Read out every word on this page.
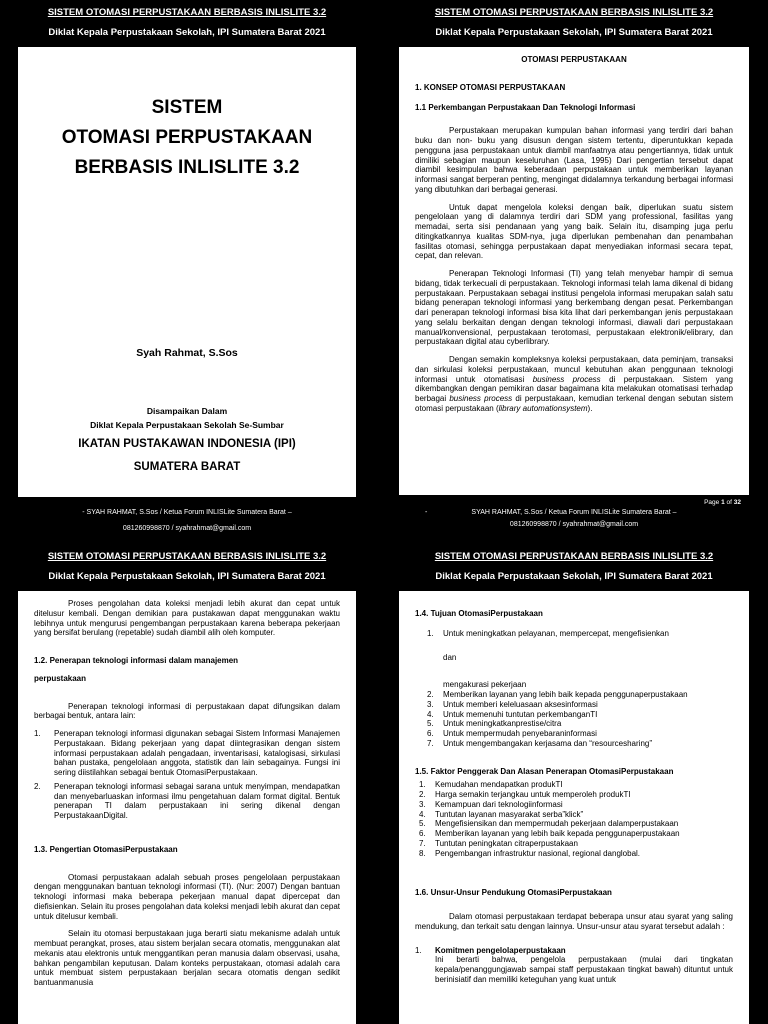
SISTEM OTOMASI PERPUSTAKAAN BERBASIS INLISLITE 3.2
Diklat Kepala Perpustakaan Sekolah, IPI Sumatera Barat 2021
SISTEM
OTOMASI PERPUSTAKAAN
BERBASIS INLISLITE 3.2
Syah Rahmat, S.Sos
Disampaikan Dalam
Diklat Kepala Perpustakaan Sekolah Se-Sumbar
IKATAN PUSTAKAWAN INDONESIA (IPI)
SUMATERA BARAT
- SYAH RAHMAT, S.Sos / Ketua Forum INLISLite Sumatera Barat –
081260998870 / syahrahmat@gmail.com
SISTEM OTOMASI PERPUSTAKAAN BERBASIS INLISLITE 3.2
Diklat Kepala Perpustakaan Sekolah, IPI Sumatera Barat 2021
OTOMASI PERPUSTAKAAN
1. KONSEP OTOMASI PERPUSTAKAAN
1.1 Perkembangan Perpustakaan Dan Teknologi Informasi

Perpustakaan merupakan kumpulan bahan informasi yang terdiri dari bahan buku dan non- buku yang disusun dengan sistem tertentu, diperuntukkan kepada pengguna jasa perpustakaan untuk diambil manfaatnya atau pengertiannya, tidak untuk dimiliki sebagian maupun keseluruhan (Lasa, 1995) Dari pengertian tersebut dapat diambil kesimpulan bahwa keberadaan perpustakaan untuk memberikan layanan informasi sangat berperan penting, mengingat didalamnya terkandung berbagai informasi yang dibutuhkan dari berbagai generasi.

Untuk dapat mengelola koleksi dengan baik, diperlukan suatu sistem pengelolaan yang di dalamnya terdiri dari SDM yang professional, fasilitas yang memadai, serta sisi pendanaan yang yang baik. Selain itu, disamping juga perlu ditingkatkannya kualitas SDM-nya, juga diperlukan pembenahan dan penambahan fasilitas otomasi, sehingga perpustakaan dapat menyediakan informasi secara tepat, cepat, dan relevan.

Penerapan Teknologi Informasi (TI) yang telah menyebar hampir di semua bidang, tidak terkecuali di perpustakaan. Teknologi informasi telah lama dikenal di bidang perpustakaan. Perpustakaan sebagai institusi pengelola informasi merupakan salah satu bidang penerapan teknologi informasi yang berkembang dengan pesat. Perkembangan dari penerapan teknologi informasi bisa kita lihat dari perkembangan jenis perpustakaan yang selalu berkaitan dengan dengan teknologi informasi, diawali dari perpustakaan manual/konvensional, perpustakaan terotomasi, perpustakaan elektronik/elibrary, dan perpustakaan digital atau cyberlibrary.

Dengan semakin kompleksnya koleksi perpustakaan, data peminjam, transaksi dan sirkulasi koleksi perpustakaan, muncul kebutuhan akan penggunaan teknologi informasi untuk otomatisasi business process di perpustakaan. Sistem yang dikembangkan dengan pemikiran dasar bagaimana kita melakukan otomatisasi terhadap berbagai business process di perpustakaan, kemudian terkenal dengan sebutan sistem otomasi perpustakaan (library automationsystem).

Page 1 of 32
-	SYAH RAHMAT, S.Sos / Ketua Forum INLISLite Sumatera Barat –
081260998870 / syahrahmat@gmail.com
SISTEM OTOMASI PERPUSTAKAAN BERBASIS INLISLITE 3.2
Diklat Kepala Perpustakaan Sekolah, IPI Sumatera Barat 2021

Proses pengolahan data koleksi menjadi lebih akurat dan cepat untuk ditelusur kembali. Dengan demikian para pustakawan dapat menggunakan waktu lebihnya untuk mengurusi pengembangan perpustakaan karena beberapa pekerjaan yang bersifat berulang (repetable) sudah diambil alih oleh komputer.

1.2. Penerapan teknologi informasi dalam manajemen
perpustakaan

Penerapan teknologi informasi di perpustakaan dapat difungsikan dalam berbagai bentuk, antara lain:

1. Penerapan teknologi informasi digunakan sebagai Sistem Informasi Manajemen Perpustakaan. Bidang pekerjaan yang dapat diintegrasikan dengan sistem informasi perpustakaan adalah pengadaan, inventarisasi, katalogisasi, sirkulasi bahan pustaka, pengelolaan anggota, statistik dan lain sebagainya. Fungsi ini sering diistilahkan sebagai bentuk OtomasiPerpustakaan.
2. Penerapan teknologi informasi sebagai sarana untuk menyimpan, mendapatkan dan menyebarluaskan informasi ilmu pengetahuan dalam format digital. Bentuk penerapan TI dalam perpustakaan ini sering dikenal dengan PerpustakaanDigital.
1.3. Pengertian OtomasiPerpustakaan

Otomasi perpustakaan adalah sebuah proses pengelolaan perpustakaan dengan menggunakan bantuan teknologi informasi (TI). (Nur: 2007) Dengan bantuan teknologi informasi maka beberapa pekerjaan manual dapat dipercepat dan diefisienkan. Selain itu proses pengolahan data koleksi menjadi lebih akurat dan cepat untuk ditelusur kembali.

Selain itu otomasi berpustakaan juga berarti siatu mekanisme adalah untuk membuat perangkat, proses, atau sistem berjalan secara otomatis, menggunakan alat mekanis atau elektronis untuk menggantikan peran manusia dalam observasi, usaha, bahkan pengambilan keputusan. Dalam konteks perpustakaan, otomasi adalah cara untuk membuat sistem perpustakaan berjalan secara otomatis dengan sedikit bantuanmanusia

SISTEM OTOMASI PERPUSTAKAAN BERBASIS INLISLITE 3.2
Diklat Kepala Perpustakaan Sekolah, IPI Sumatera Barat 2021
1.4. Tujuan OtomasiPerpustakaan
1. Untuk meningkatkan pelayanan, mempercepat, mengefisienkan
dan
mengakurasi pekerjaan
2. Memberikan layanan yang lebih baik kepada penggunaperpustakaan
3. Untuk memberi keleluasaan aksesinformasi
4. Untuk memenuhi tuntutan perkembanganTI
5. Untuk meningkatkanprestise/citra
6. Untuk mempermudah penyebaraninformasi
7. Untuk mengembangakan kerjasama dan “resourcesharing”
1.5. Faktor Penggerak Dan Alasan Penerapan OtomasiPerpustakaan
1. Kemudahan mendapatkan produkTI
2. Harga semakin terjangkau untuk memperoleh produkTI
3. Kemampuan dari teknologiinformasi
4. Tuntutan layanan masyarakat serba”klick”
5. Mengefisiensikan dan mempermudah pekerjaan dalamperpustakaan
6. Memberikan layanan yang lebih baik kepada penggunaperpustakaan
7. Tuntutan peningkatan citraperpustakaan
8. Pengembangan infrastruktur nasional, regional danglobal.
1.6. Unsur-Unsur Pendukung OtomasiPerpustakaan

Dalam otomasi perpustakaan terdapat beberapa unsur atau syarat yang saling mendukung, dan terkait satu dengan lainnya. Unsur-unsur atau syarat tersebut adalah :

1. Komitmen pengelolaperpustakaan
Ini berarti bahwa, pengelola perpustakaan (mulai dari tingkatan kepala/penanggungjawab sampai staff perpustakaan tingkat bawah) dituntut untuk berinisiatif dan memiliki keteguhan yang kuat untuk
